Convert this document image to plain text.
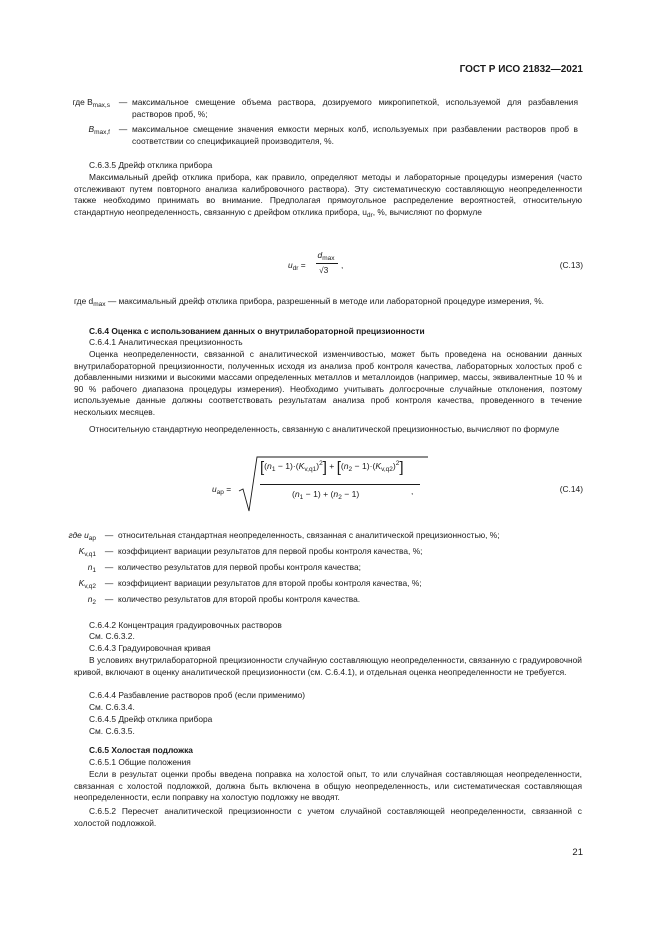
ГОСТ Р ИСО 21832—2021
где $B_{max,s}$	— максимальное смещение объема раствора, дозируемого микропипеткой, используемой для разбавления растворов проб, %;
$B_{max,f}$	— максимальное смещение значения емкости мерных колб, используемых при разбавлении растворов проб в соответствии со спецификацией производителя, %.
С.6.3.5 Дрейф отклика прибора
Максимальный дрейф отклика прибора, как правило, определяют методы и лабораторные процедуры измерения (часто отслеживают путем повторного анализа калибровочного раствора). Эту систематическую составляющую неопределенности также необходимо принимать во внимание. Предполагая прямоугольное распределение вероятностей, относительную стандартную неопределенность, связанную с дрейфом отклика прибора, $u_{dr}$, %, вычисляют по формуле
$u_{dr}$ =
$d_{max}$
√3 ,	(С.13)
где $d_{max}$ — максимальный дрейф отклика прибора, разрешенный в методе или лабораторной процедуре измерения, %.
С.6.4 Оценка с использованием данных о внутрилабораторной прецизионности
С.6.4.1 Аналитическая прецизионность
Оценка неопределенности, связанной с аналитической изменчивостью, может быть проведена на основании данных внутрилабораторной прецизионности, полученных исходя из анализа проб контроля качества, лабораторных холостых проб с добавленными низкими и высокими массами определенных металлов и металлоидов (например, массы, эквивалентные 10 % и 90 % рабочего диапазона процедуры измерения). Необходимо учитывать долгосрочные случайные отклонения, поэтому используемые данные должны соответствовать результатам анализа проб контроля качества, проведенного в течение нескольких месяцев.
Относительную стандартную неопределенность, связанную с аналитической прецизионностью, вычисляют по формуле
$u_{ap}$ =
$[(n_1 - 1)\cdot(K_{v,q1})^2] + [(n_2 - 1)\cdot(K_{v,q2})^2]$
$(n_1 - 1) + (n_2 - 1)$	,	(С.14)
где $u_{ap}$	— относительная стандартная неопределенность, связанная с аналитической прецизионностью, %;
$K_{v,q1}$	— коэффициент вариации результатов для первой пробы контроля качества, %;
$n_1$	— количество результатов для первой пробы контроля качества;
$K_{v,q2}$	— коэффициент вариации результатов для второй пробы контроля качества, %;
$n_2$	— количество результатов для второй пробы контроля качества.
С.6.4.2 Концентрация градуировочных растворов
См. С.6.3.2.
С.6.4.3 Градуировочная кривая
В условиях внутрилабораторной прецизионности случайную составляющую неопределенности, связанную с градуировочной кривой, включают в оценку аналитической прецизионности (см. С.6.4.1), и отдельная оценка неопределенности не требуется.
С.6.4.4 Разбавление растворов проб (если применимо)
См. С.6.3.4.
С.6.4.5 Дрейф отклика прибора
См. С.6.3.5.
С.6.5 Холостая подложка
С.6.5.1 Общие положения
Если в результат оценки пробы введена поправка на холостой опыт, то или случайная составляющая неопределенности, связанная с холостой подложкой, должна быть включена в общую неопределенность, или систематическая составляющая неопределенности, если поправку на холостую подложку не вводят.
С.6.5.2 Пересчет аналитической прецизионности с учетом случайной составляющей неопределенности, связанной с холостой подложкой.
21
